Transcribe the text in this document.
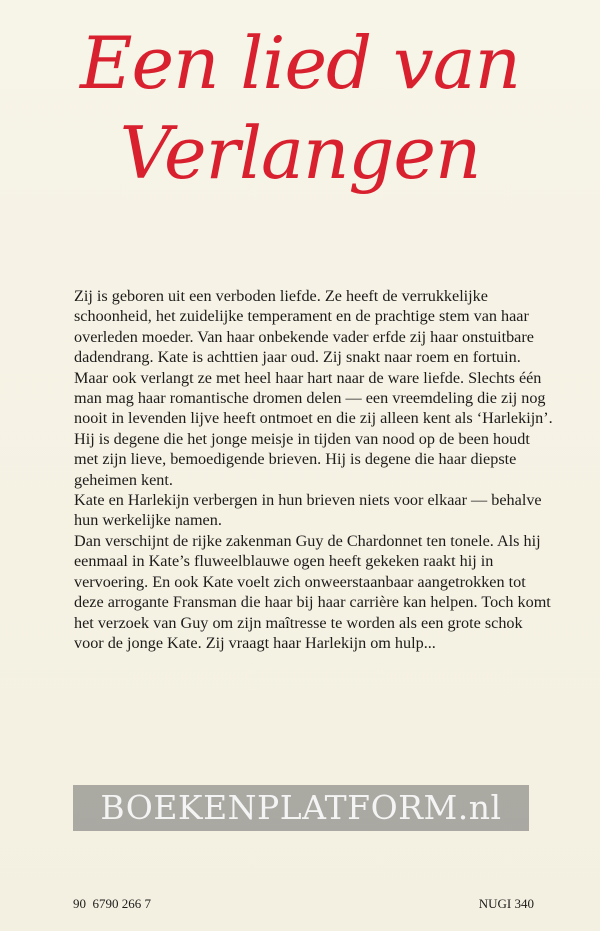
Een lied van
Verlangen

Zij is geboren uit een verboden liefde. Ze heeft de verrukkelijke schoonheid, het zuidelijke temperament en de prachtige stem van haar overleden moeder. Van haar onbekende vader erfde zij haar onstuitbare dadendrang. Kate is achttien jaar oud. Zij snakt naar roem en fortuin. Maar ook verlangt ze met heel haar hart naar de ware liefde. Slechts één man mag haar romantische dromen delen — een vreemdeling die zij nog nooit in levenden lijve heeft ontmoet en die zij alleen kent als ‘Harlekijn’.

Hij is degene die het jonge meisje in tijden van nood op de been houdt met zijn lieve, bemoedigende brieven. Hij is degene die haar diepste geheimen kent.

Kate en Harlekijn verbergen in hun brieven niets voor elkaar — behalve hun werkelijke namen.

Dan verschijnt de rijke zakenman Guy de Chardonnet ten tonele. Als hij eenmaal in Kate’s fluweelblauwe ogen heeft gekeken raakt hij in vervoering. En ook Kate voelt zich onweerstaanbaar aangetrokken tot deze arrogante Fransman die haar bij haar carrière kan helpen. Toch komt het verzoek van Guy om zijn maîtresse te worden als een grote schok voor de jonge Kate. Zij vraagt haar Harlekijn om hulp...

BOEKENPLATFORM.nl
90  6790 266 7	NUGI 340
